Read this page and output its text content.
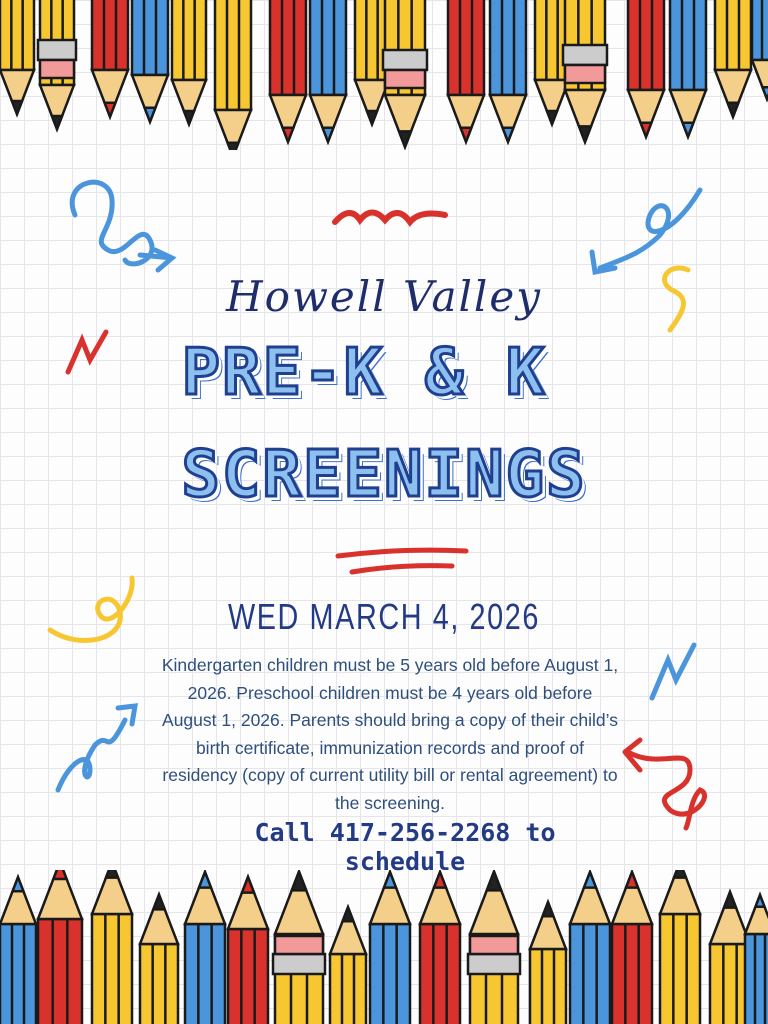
Howell Valley
PRE-K & K
SCREENINGS
WED MARCH 4, 2026
Kindergarten children must be 5 years old before August 1, 2026. Preschool children must be 4 years old before August 1, 2026. Parents should bring a copy of their child’s birth certificate, immunization records and proof of residency (copy of current utility bill or rental agreement) to the screening.
Call 417-256-2268 to schedule
